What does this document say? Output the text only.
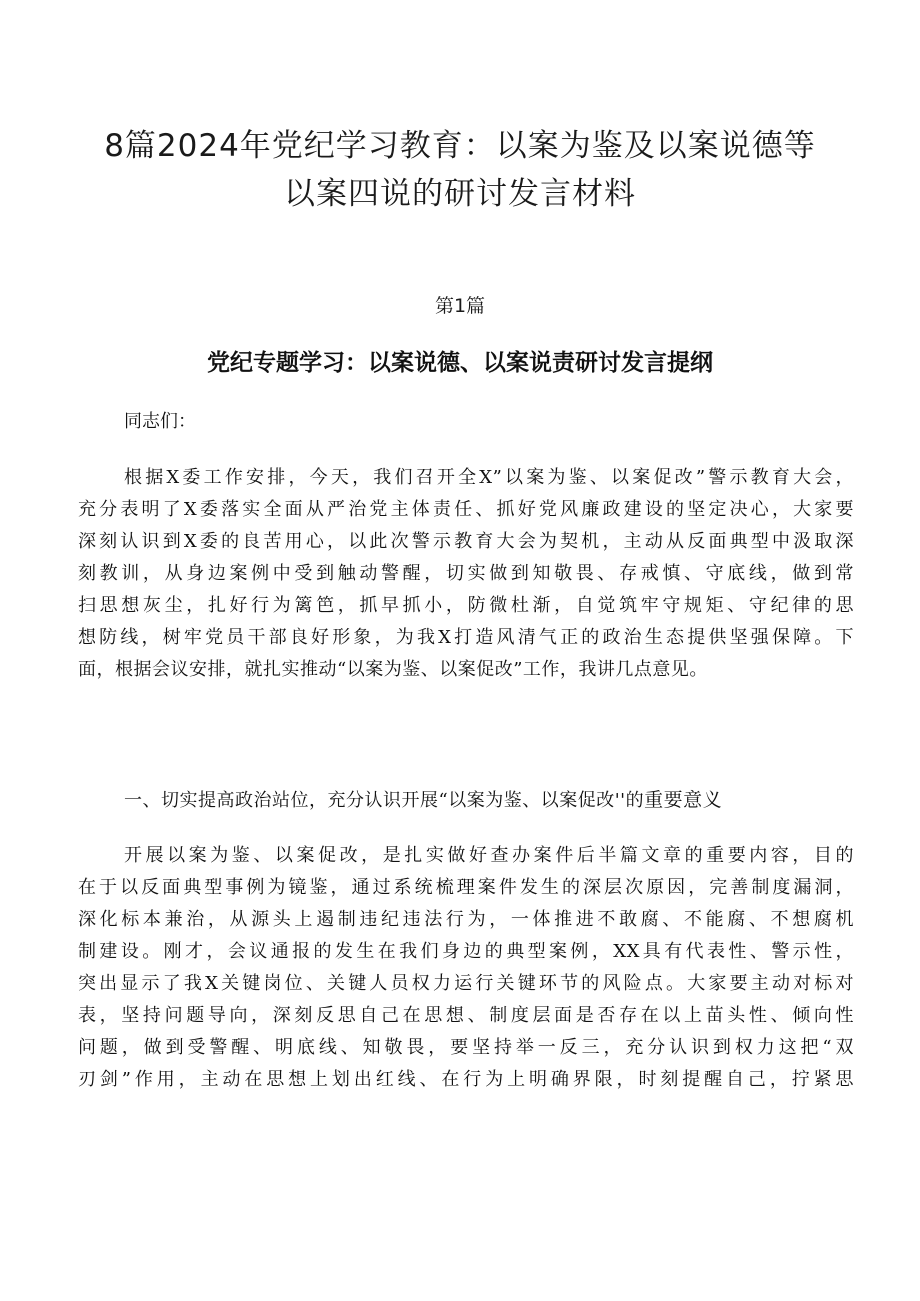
8篇2024年党纪学习教育：以案为鉴及以案说德等
以案四说的研讨发言材料
第1篇
党纪专题学习：以案说德、以案说责研讨发言提纲
同志们：

根据X委工作安排，今天，我们召开全X”以案为鉴、以案促改”警示教育大会，
充分表明了X委落实全面从严治党主体责任、抓好党风廉政建设的坚定决心，大家要
深刻认识到X委的良苦用心，以此次警示教育大会为契机，主动从反面典型中汲取深
刻教训，从身边案例中受到触动警醒，切实做到知敬畏、存戒慎、守底线，做到常
扫思想灰尘，扎好行为篱笆，抓早抓小，防微杜渐，自觉筑牢守规矩、守纪律的思
想防线，树牢党员干部良好形象，为我X打造风清气正的政治生态提供坚强保障。下
面，根据会议安排，就扎实推动“以案为鉴、以案促改”工作，我讲几点意见。

一、切实提高政治站位，充分认识开展“以案为鉴、以案促改''的重要意义

开展以案为鉴、以案促改，是扎实做好查办案件后半篇文章的重要内容，目的
在于以反面典型事例为镜鉴，通过系统梳理案件发生的深层次原因，完善制度漏洞，
深化标本兼治，从源头上遏制违纪违法行为，一体推进不敢腐、不能腐、不想腐机
制建设。刚才，会议通报的发生在我们身边的典型案例，XX具有代表性、警示性，
突出显示了我X关键岗位、关键人员权力运行关键环节的风险点。大家要主动对标对
表，坚持问题导向，深刻反思自己在思想、制度层面是否存在以上苗头性、倾向性
问题，做到受警醒、明底线、知敬畏，要坚持举一反三，充分认识到权力这把“双
刃剑”作用，主动在思想上划出红线、在行为上明确界限，时刻提醒自己，拧紧思
